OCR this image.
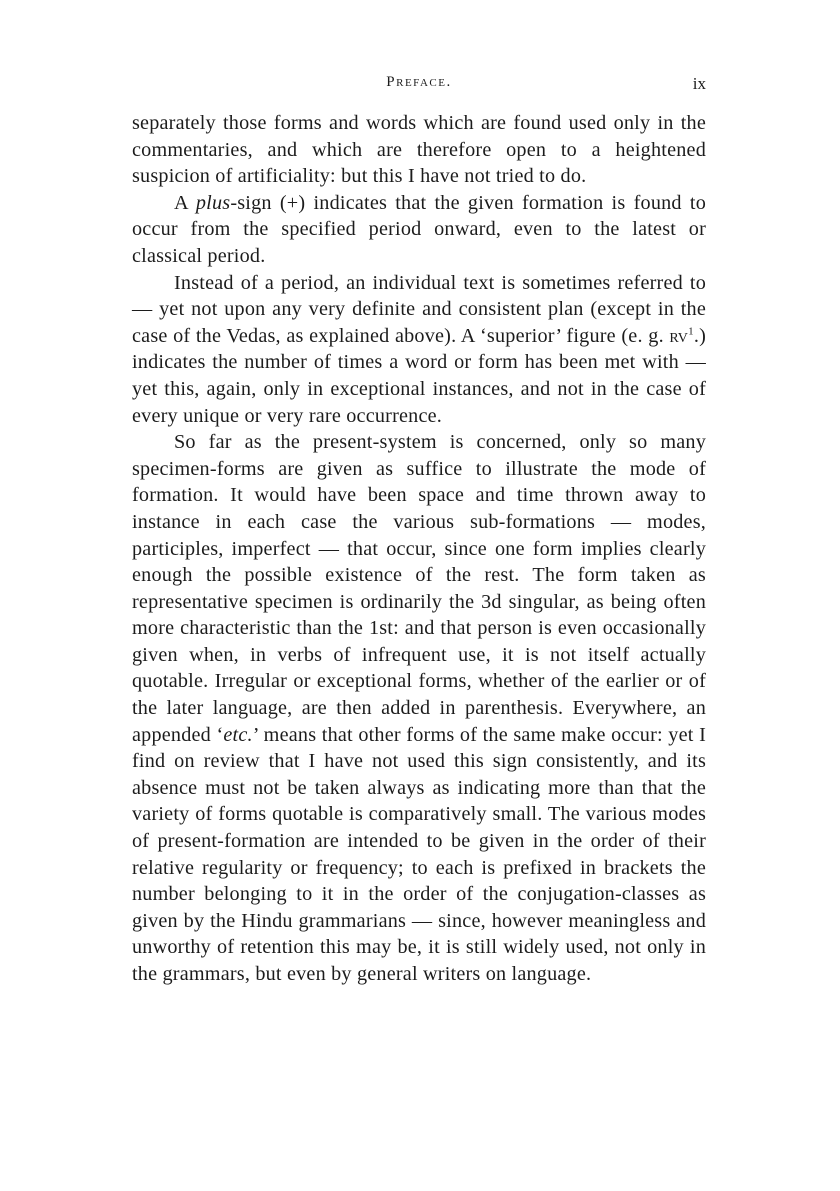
Preface.	ix

separately those forms and words which are found used only in the commentaries, and which are therefore open to a heightened suspicion of artificiality: but this I have not tried to do.

A plus-sign (+) indicates that the given formation is found to occur from the specified period onward, even to the latest or classical period.

Instead of a period, an individual text is sometimes referred to — yet not upon any very definite and consistent plan (except in the case of the Vedas, as explained above). A ‘superior’ figure (e. g. $rv^1$.) indicates the number of times a word or form has been met with — yet this, again, only in exceptional instances, and not in the case of every unique or very rare occurrence.

So far as the present-system is concerned, only so many specimen-forms are given as suffice to illustrate the mode of formation. It would have been space and time thrown away to instance in each case the various sub-formations — modes, participles, imperfect — that occur, since one form implies clearly enough the possible existence of the rest. The form taken as representative specimen is ordinarily the 3d singular, as being often more characteristic than the 1st: and that person is even occasionally given when, in verbs of infrequent use, it is not itself actually quotable. Irregular or exceptional forms, whether of the earlier or of the later language, are then added in parenthesis. Everywhere, an appended ‘etc.’ means that other forms of the same make occur: yet I find on review that I have not used this sign consistently, and its absence must not be taken always as indicating more than that the variety of forms quotable is comparatively small. The various modes of present-formation are intended to be given in the order of their relative regularity or frequency; to each is prefixed in brackets the number belonging to it in the order of the conjugation-classes as given by the Hindu grammarians — since, however meaningless and unworthy of retention this may be, it is still widely used, not only in the grammars, but even by general writers on language.
